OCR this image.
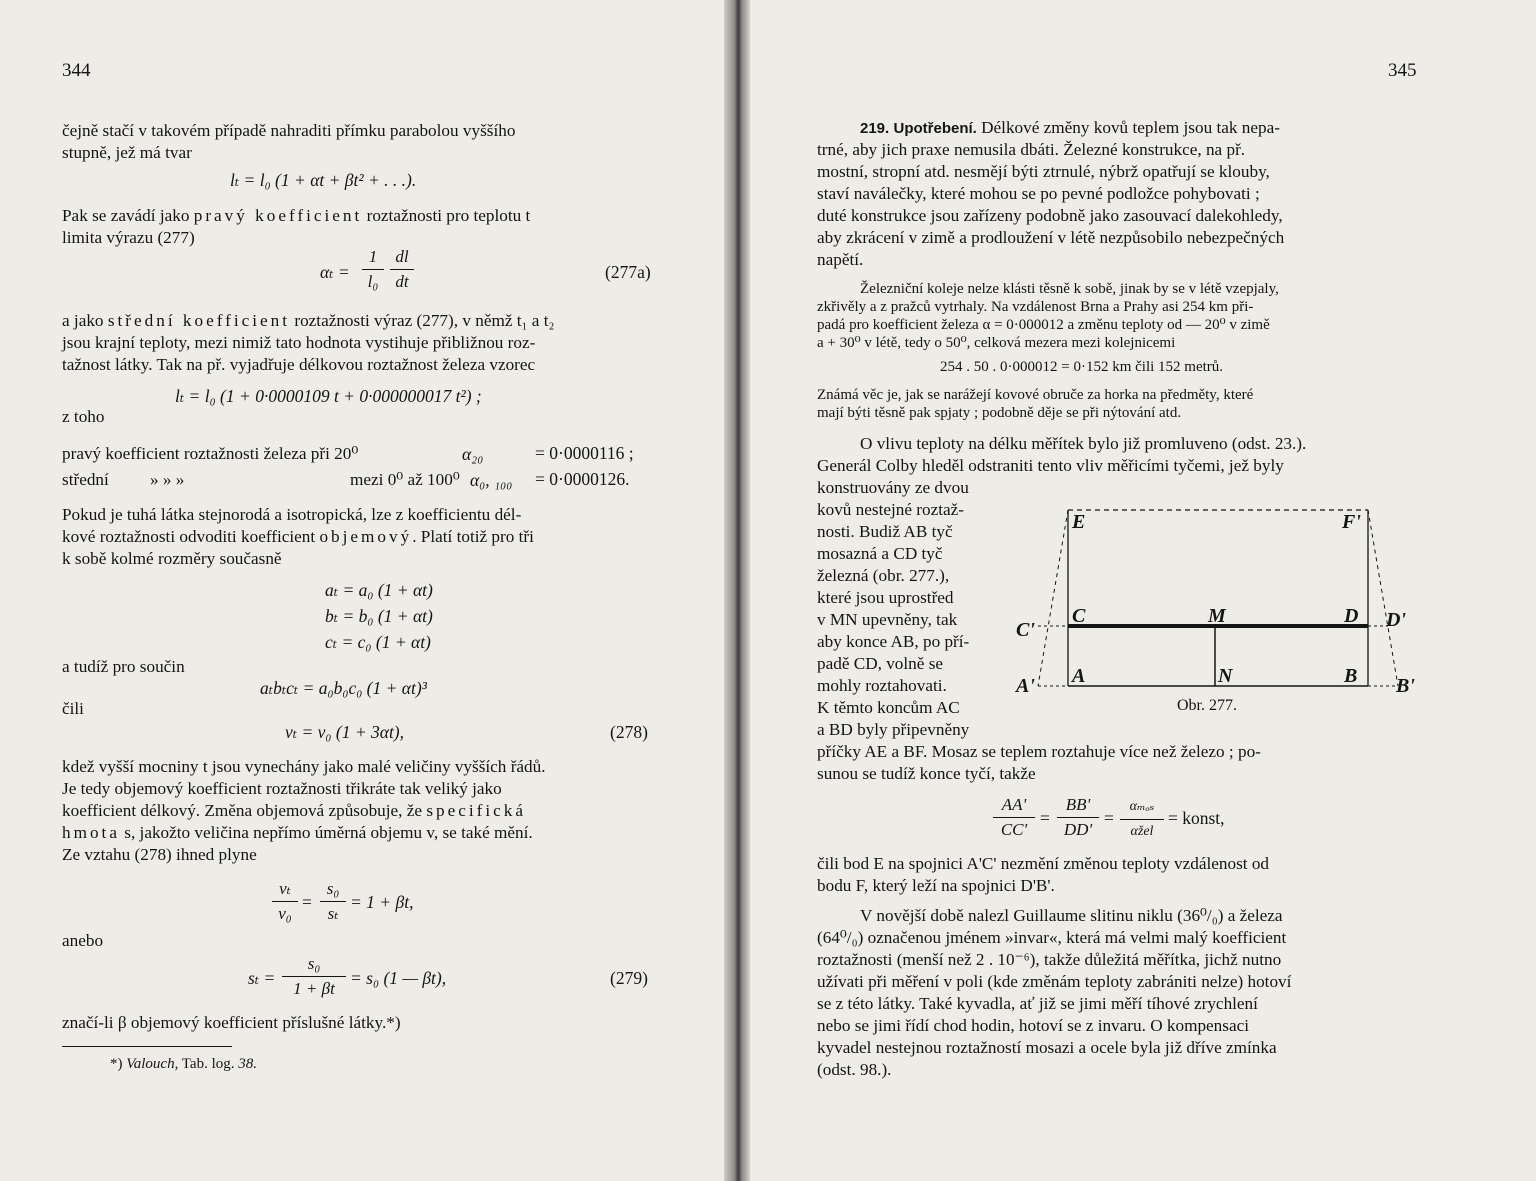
344
čejně stačí v takovém případě nahraditi přímku parabolou vyššího
stupně, jež má tvar
lₜ = l₀ (1 + αt + βt² + . . .).
Pak se zavádí jako pravý koefficient roztažnosti pro teplotu t
limita výrazu (277)
αₜ =
1
l₀
dl
dt	(277a)
a jako střední koefficient roztažnosti výraz (277), v němž t₁ a t₂
jsou krajní teploty, mezi nimiž tato hodnota vystihuje přibližnou roz-
tažnost látky. Tak na př. vyjadřuje délkovou roztažnost železa vzorec
lₜ = l₀ (1 + 0·0000109 t + 0·000000017 t²) ;
z toho
pravý koefficient roztažnosti železa při 20⁰	α₂₀	= 0·0000116 ;
střední » » »	mezi 0⁰ až 100⁰ α₀, ₁₀₀ = 0·0000126.
Pokud je tuhá látka stejnorodá a isotropická, lze z koefficientu dél-
kové roztažnosti odvoditi koefficient objemový. Platí totiž pro tři
k sobě kolmé rozměry současně
aₜ = a₀ (1 + αt)
bₜ = b₀ (1 + αt)
cₜ = c₀ (1 + αt)
a tudíž pro součin
aₜbₜcₜ = a₀b₀c₀ (1 + αt)³
čili
vₜ = v₀ (1 + 3αt),	(278)
kdež vyšší mocniny t jsou vynechány jako malé veličiny vyšších řádů.
Je tedy objemový koefficient roztažnosti třikráte tak veliký jako
koefficient délkový. Změna objemová způsobuje, že specifická
hmota s, jakožto veličina nepřímo úměrná objemu v, se také mění.
Ze vztahu (278) ihned plyne
vₜ
v₀
=
s₀
sₜ
= 1 + βt,
anebo
sₜ =
s₀
1 + βt
= s₀ (1 — βt),	(279)
značí-li β objemový koefficient příslušné látky.*)
*) Valouch, Tab. log. 38.
345
219. Upotřebení. Délkové změny kovů teplem jsou tak nepa-
trné, aby jich praxe nemusila dbáti. Železné konstrukce, na př.
mostní, stropní atd. nesmějí býti ztrnulé, nýbrž opatřují se klouby,
staví naválečky, které mohou se po pevné podložce pohybovati ;
duté konstrukce jsou zařízeny podobně jako zasouvací dalekohledy,
aby zkrácení v zimě a prodloužení v létě nezpůsobilo nebezpečných
napětí.
Železniční koleje nelze klásti těsně k sobě, jinak by se v létě vzepjaly,
zkřivěly a z pražců vytrhaly. Na vzdálenost Brna a Prahy asi 254 km při-
padá pro koefficient železa α = 0·000012 a změnu teploty od — 20⁰ v zimě
a + 30⁰ v létě, tedy o 50⁰, celková mezera mezi kolejnicemi
254 . 50 . 0·000012 = 0·152 km čili 152 metrů.
Známá věc je, jak se narážejí kovové obruče za horka na předměty, které
mají býti těsně pak spjaty ; podobně děje se při nýtování atd.
O vlivu teploty na délku měřítek bylo již promluveno (odst. 23.).
Generál Colby hleděl odstraniti tento vliv měřicími tyčemi, jež byly
konstruovány ze dvou
kovů nestejné roztaž-
nosti. Budiž AB tyč
mosazná a CD tyč
železná (obr. 277.),
které jsou uprostřed
v MN upevněny, tak
aby konce AB, po pří-
padě CD, volně se
mohly roztahovati.
K těmto koncům AC
a BD byly připevněny
E	F'
C	M	D D'
C'
A	N	B B'
A'
Obr. 277.
příčky AE a BF. Mosaz se teplem roztahuje více než železo ; po-
sunou se tudíž konce tyčí, takže
AA'
CC'
=
BB'
DD'
=
αₘₒₛ
αžel
= konst,
čili bod E na spojnici A'C' nezmění změnou teploty vzdálenost od
bodu F, který leží na spojnici D'B'.
V novější době nalezl Guillaume slitinu niklu (36⁰/₀) a železa
(64⁰/₀) označenou jménem »invar«, která má velmi malý koefficient
roztažnosti (menší než 2 . 10⁻⁶), takže důležitá měřítka, jichž nutno
užívati při měření v poli (kde změnám teploty zabrániti nelze) hotoví
se z této látky. Také kyvadla, ať již se jimi měří tíhové zrychlení
nebo se jimi řídí chod hodin, hotoví se z invaru. O kompensaci
kyvadel nestejnou roztažností mosazi a ocele byla již dříve zmínka
(odst. 98.).
